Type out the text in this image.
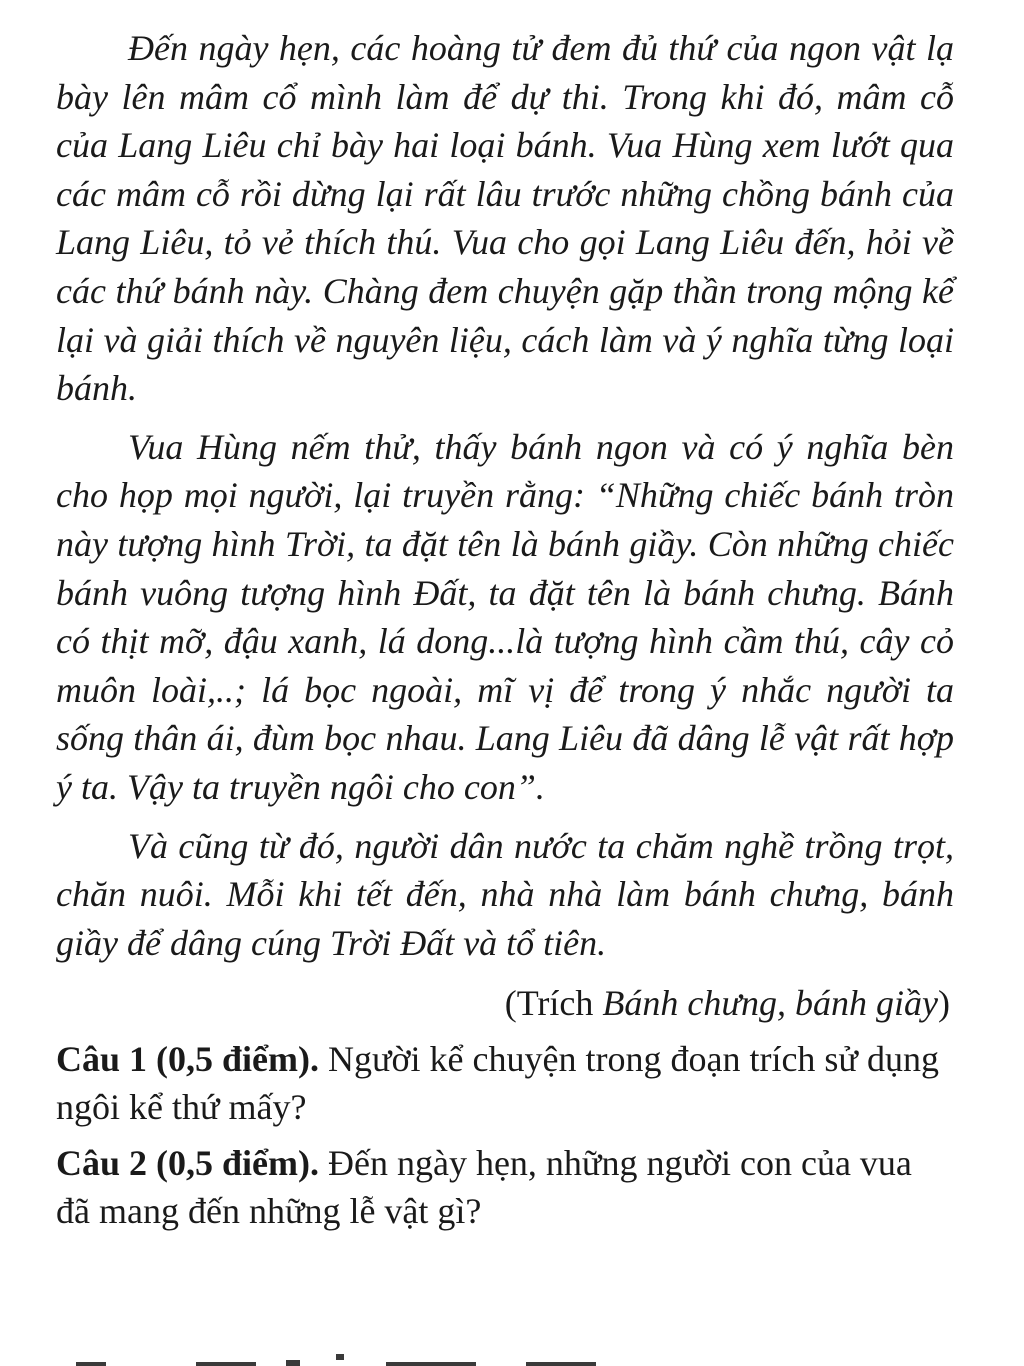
Đến ngày hẹn, các hoàng tử đem đủ thứ của ngon vật lạ bày lên mâm cổ mình làm để dự thi. Trong khi đó, mâm cỗ của Lang Liêu chỉ bày hai loại bánh. Vua Hùng xem lướt qua các mâm cỗ rồi dừng lại rất lâu trước những chồng bánh của Lang Liêu, tỏ vẻ thích thú. Vua cho gọi Lang Liêu đến, hỏi về các thứ bánh này. Chàng đem chuyện gặp thần trong mộng kể lại và giải thích về nguyên liệu, cách làm và ý nghĩa từng loại bánh.

Vua Hùng nếm thử, thấy bánh ngon và có ý nghĩa bèn cho họp mọi người, lại truyền rằng: “Những chiếc bánh tròn này tượng hình Trời, ta đặt tên là bánh giầy. Còn những chiếc bánh vuông tượng hình Đất, ta đặt tên là bánh chưng. Bánh có thịt mỡ, đậu xanh, lá dong...là tượng hình cầm thú, cây cỏ muôn loài,..; lá bọc ngoài, mĩ vị để trong ý nhắc người ta sống thân ái, đùm bọc nhau. Lang Liêu đã dâng lễ vật rất hợp ý ta. Vậy ta truyền ngôi cho con”.

Và cũng từ đó, người dân nước ta chăm nghề trồng trọt, chăn nuôi. Mỗi khi tết đến, nhà nhà làm bánh chưng, bánh giầy để dâng cúng Trời Đất và tổ tiên.

(Trích Bánh chưng, bánh giầy)

Câu 1 (0,5 điểm). Người kể chuyện trong đoạn trích sử dụng ngôi kể thứ mấy?

Câu 2 (0,5 điểm). Đến ngày hẹn, những người con của vua đã mang đến những lễ vật gì?
